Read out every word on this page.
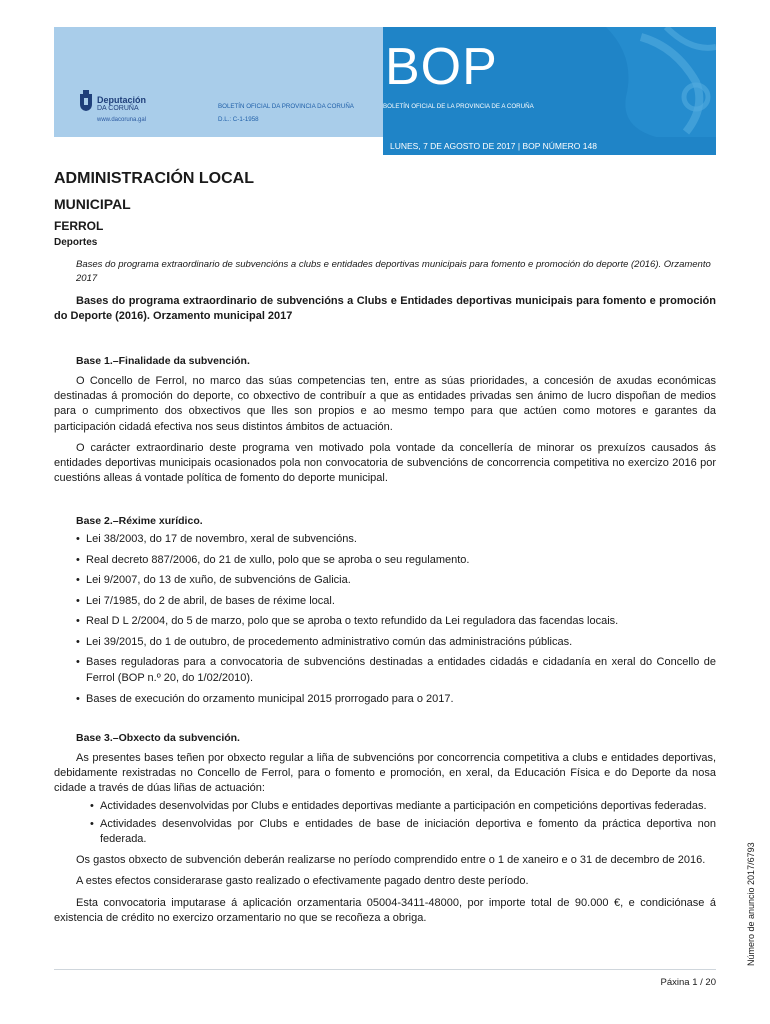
Deputación
DA CORUÑA
www.dacoruna.gal
BOP
BOLETÍN OFICIAL DA PROVINCIA DA CORUÑA
D.L.: C-1-1958
BOLETÍN OFICIAL DE LA PROVINCIA DE A CORUÑA
LUNES, 7 DE AGOSTO DE 2017 | BOP NÚMERO 148
ADMINISTRACIÓN LOCAL
MUNICIPAL
FERROL
Deportes
Bases do programa extraordinario de subvencións a clubs e entidades deportivas municipais para fomento e promoción do deporte (2016). Orzamento 2017
Bases do programa extraordinario de subvencións a Clubs e Entidades deportivas municipais para fomento e promoción do Deporte (2016). Orzamento municipal 2017
Base 1.–Finalidade da subvención.

O Concello de Ferrol, no marco das súas competencias ten, entre as súas prioridades, a concesión de axudas económicas destinadas á promoción do deporte, co obxectivo de contribuír a que as entidades privadas sen ánimo de lucro dispoñan de medios para o cumprimento dos obxectivos que lles son propios e ao mesmo tempo para que actúen como motores e garantes da participación cidadá efectiva nos seus distintos ámbitos de actuación.

O carácter extraordinario deste programa ven motivado pola vontade da concellería de minorar os prexuízos causados ás entidades deportivas municipais ocasionados pola non convocatoria de subvencións de concorrencia competitiva no exercizo 2016 por cuestións alleas á vontade política de fomento do deporte municipal.

Base 2.–Réxime xurídico.
• Lei 38/2003, do 17 de novembro, xeral de subvencións.
• Real decreto 887/2006, do 21 de xullo, polo que se aproba o seu regulamento.
• Lei 9/2007, do 13 de xuño, de subvencións de Galicia.
• Lei 7/1985, do 2 de abril, de bases de réxime local.
• Real D L 2/2004, do 5 de marzo, polo que se aproba o texto refundido da Lei reguladora das facendas locais.
• Lei 39/2015, do 1 de outubro, de procedemento administrativo común das administracións públicas.
• Bases reguladoras para a convocatoria de subvencións destinadas a entidades cidadás e cidadanía en xeral do Concello de Ferrol (BOP n.º 20, do 1/02/2010).
• Bases de execución do orzamento municipal 2015 prorrogado para o 2017.
Base 3.–Obxecto da subvención.

As presentes bases teñen por obxecto regular a liña de subvencións por concorrencia competitiva a clubs e entidades deportivas, debidamente rexistradas no Concello de Ferrol, para o fomento e promoción, en xeral, da Educación Física e do Deporte da nosa cidade a través de dúas liñas de actuación:

• Actividades desenvolvidas por Clubs e entidades deportivas mediante a participación en competicións deportivas federadas.
• Actividades desenvolvidas por Clubs e entidades de base de iniciación deportiva e fomento da práctica deportiva non federada.

Os gastos obxecto de subvención deberán realizarse no período comprendido entre o 1 de xaneiro e o 31 de decembro de 2016.

A estes efectos considerarase gasto realizado o efectivamente pagado dentro deste período.

Esta convocatoria imputarase á aplicación orzamentaria 05004-3411-48000, por importe total de 90.000 €, e condiciónase á existencia de crédito no exercizo orzamentario no que se recoñeza a obriga.	Número de anuncio 2017/6793
Páxina 1 / 20
